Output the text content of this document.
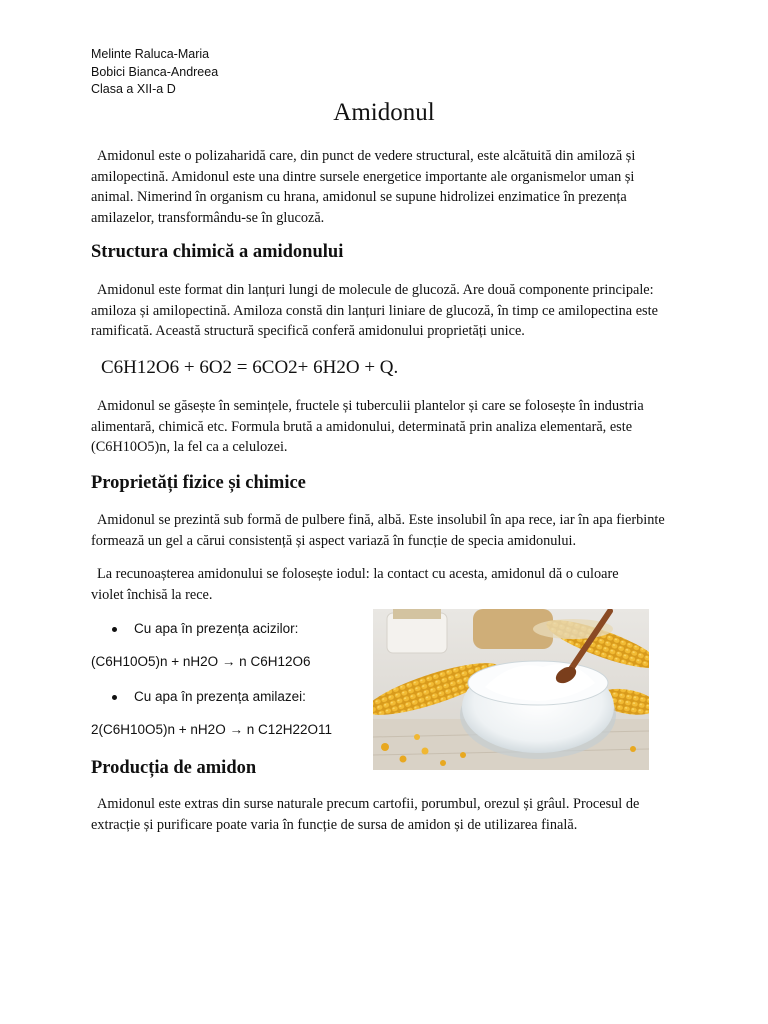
Melinte Raluca-Maria
Bobici Bianca-Andreea
Clasa a XII-a D
Amidonul
Amidonul este o polizaharidă care, din punct de vedere structural, este alcătuită din amiloză și amilopectină. Amidonul este una dintre sursele energetice importante ale organismelor uman și animal. Nimerind în organism cu hrana, amidonul se supune hidrolizei enzimatice în prezența amilazelor, transformându-se în glucoză.
Structura chimică a amidonului
Amidonul este format din lanțuri lungi de molecule de glucoză. Are două componente principale: amiloza și amilopectină. Amiloza constă din lanțuri liniare de glucoză, în timp ce amilopectina este ramificată. Această structură specifică conferă amidonului proprietăți unice.
C6H12O6 + 6O2 = 6CO2+ 6H2O + Q.
Amidonul se găsește în semințele, fructele și tuberculii plantelor și care se folosește în industria alimentară, chimică etc. Formula brută a amidonului, determinată prin analiza elementară, este (C6H10O5)n, la fel ca a celulozei.
Proprietăți fizice și chimice
Amidonul se prezintă sub formă de pulbere fină, albă. Este insolubil în apa rece, iar în apa fierbinte formează un gel a cărui consistență și aspect variază în funcție de specia amidonului.
La recunoașterea amidonului se folosește iodul: la contact cu acesta, amidonul dă o culoare violet închisă la rece.
Cu apa în prezența acizilor:
(C6H10O5)n + nH2O → n C6H12O6
Cu apa în prezența amilazei:
2(C6H10O5)n + nH2O → n C12H22O11
Producția de amidon
Amidonul este extras din surse naturale precum cartofii, porumbul, orezul și grâul. Procesul de extracție și purificare poate varia în funcție de sursa de amidon și de utilizarea finală.
